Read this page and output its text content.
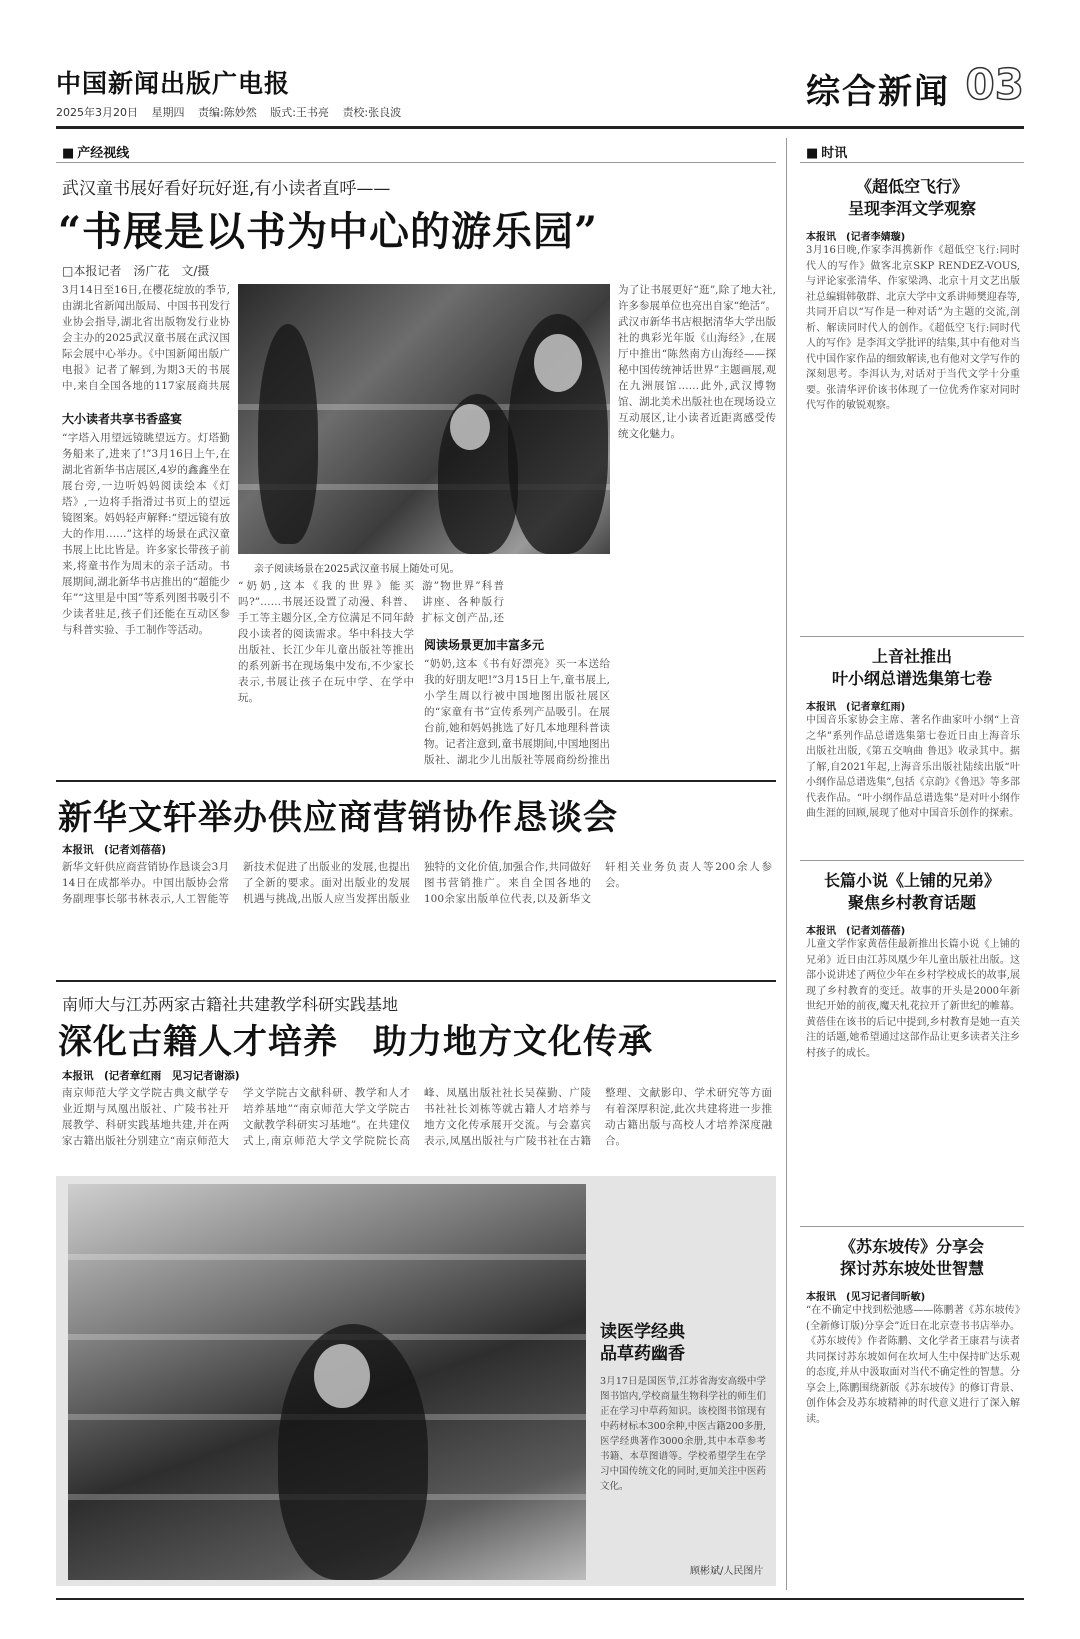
中国新闻出版广电报
2025年3月20日 星期四 责编:陈妙然 版式:王书亮 责校:张良波
综合新闻 03
■ 产经视线
武汉童书展好看好玩好逛,有小读者直呼——
“书展是以书为中心的游乐园”
□本报记者　汤广花　文/摄
3月14日至16日,在樱花绽放的季节,由湖北省新闻出版局、中国书刊发行业协会指导,湖北省出版物发行业协会主办的2025武汉童书展在武汉国际会展中心举办。《中国新闻出版广电报》记者了解到,为期3天的书展中,来自全国各地的117家展商共展
大小读者共享书香盛宴
“字塔入用望远镜眺望远方。灯塔勤务船来了,进来了!”3月16日上午,在湖北省新华书店展区,4岁的鑫鑫坐在展台旁,一边听妈妈阅读绘本《灯塔》,一边将手指滑过书页上的望远镜图案。妈妈轻声解释:“望远镜有放大的作用……”这样的场景在武汉童书展上比比皆是。许多家长带孩子前来,将童书作为周末的亲子活动。书展期间,湖北新华书店推出的“超能少年”“这里是中国”等系列图书吸引不少读者驻足,孩子们还能在互动区参与科普实验、手工制作等活动。
亲子阅读场景在2025武汉童书展上随处可见。
为了让书展更好“逛”,除了地大社,许多参展单位也亮出自家“绝活”。武汉市新华书店根据清华大学出版社的典彩光年版《山海经》,在展厅中推出“陈然南方山海经——探秘中国传统神话世界”主题画展,观在九洲展馆……此外,武汉博物馆、湖北美术出版社也在现场设立互动展区,让小读者近距离感受传统文化魅力。
“奶奶,这本《我的世界》能买吗?”……书展还设置了动漫、科普、手工等主题分区,全方位满足不同年龄段小读者的阅读需求。华中科技大学出版社、长江少年儿童出版社等推出的系列新书在现场集中发布,不少家长表示,书展让孩子在玩中学、在学中玩。
游”物世界”科普讲座、各种版行扩标文创产品,还
阅读场景更加丰富多元
“奶奶,这本《书有好漂亮》买一本送给我的好朋友吧!”3月15日上午,童书展上,小学生周以行被中国地图出版社展区的“家童有书”宣传系列产品吸引。在展台前,她和妈妈挑选了好几本地理科普读物。记者注意到,童书展期间,中国地图出版社、湖北少儿出版社等展商纷纷推出
新华文轩举办供应商营销协作恳谈会
本报讯　(记者刘蓓蓓)
新华文轩供应商营销协作恳谈会3月14日在成都举办。中国出版协会常务副理事长邬书林表示,人工智能等新技术促进了出版业的发展,也提出了全新的要求。面对出版业的发展机遇与挑战,出版人应当发挥出版业独特的文化价值,加强合作,共同做好图书营销推广。来自全国各地的100余家出版单位代表,以及新华文轩相关业务负责人等200余人参会。
南师大与江苏两家古籍社共建教学科研实践基地
深化古籍人才培养　助力地方文化传承
本报讯　(记者章红雨　见习记者谢添)
南京师范大学文学院古典文献学专业近期与凤凰出版社、广陵书社开展教学、科研实践基地共建,并在两家古籍出版社分别建立“南京师范大学文学院古文献科研、教学和人才培养基地”“南京师范大学文学院古文献教学科研实习基地”。在共建仪式上,南京师范大学文学院院长高峰、凤凰出版社社长吴葆勤、广陵书社社长刘栋等就古籍人才培养与地方文化传承展开交流。与会嘉宾表示,凤凰出版社与广陵书社在古籍整理、文献影印、学术研究等方面有着深厚积淀,此次共建将进一步推动古籍出版与高校人才培养深度融合。
读医学经典
品草药幽香
3月17日是国医节,江苏省海安高级中学图书馆内,学校商量生物科学社的师生们正在学习中草药知识。该校图书馆现有中药材标本300余种,中医古籍200多册,医学经典著作3000余册,其中本草参考书籍、本草图谱等。学校希望学生在学习中国传统文化的同时,更加关注中医药文化。
顾彬斌/人民图片
■ 时讯
《超低空飞行》
呈现李洱文学观察
本报讯　(记者李婧璇)
3月16日晚,作家李洱携新作《超低空飞行:同时代人的写作》做客北京SKP RENDEZ-VOUS,与评论家张清华、作家梁鸿、北京十月文艺出版社总编辑韩敬群、北京大学中文系讲师樊迎春等,共同开启以“写作是一种对话”为主题的交流,剖析、解读同时代人的创作。《超低空飞行:同时代人的写作》是李洱文学批评的结集,其中有他对当代中国作家作品的细致解读,也有他对文学写作的深刻思考。李洱认为,对话对于当代文学十分重要。张清华评价该书体现了一位优秀作家对同时代写作的敏锐观察。
上音社推出
叶小纲总谱选集第七卷
本报讯　(记者章红雨)
中国音乐家协会主席、著名作曲家叶小纲“上音之华”系列作品总谱选集第七卷近日由上海音乐出版社出版,《第五交响曲 鲁迅》收录其中。据了解,自2021年起,上海音乐出版社陆续出版“叶小纲作品总谱选集”,包括《京韵》《鲁迅》等多部代表作品。“叶小纲作品总谱选集”是对叶小纲作曲生涯的回顾,展现了他对中国音乐创作的探索。
长篇小说《上铺的兄弟》
聚焦乡村教育话题
本报讯　(记者刘蓓蓓)
儿童文学作家黄蓓佳最新推出长篇小说《上铺的兄弟》近日由江苏凤凰少年儿童出版社出版。这部小说讲述了两位少年在乡村学校成长的故事,展现了乡村教育的变迁。故事的开头是2000年新世纪开始的前夜,魔天札花拉开了新世纪的帷幕。黄蓓佳在该书的后记中提到,乡村教育是她一直关注的话题,她希望通过这部作品让更多读者关注乡村孩子的成长。
《苏东坡传》分享会
探讨苏东坡处世智慧
本报讯　(见习记者闫昕敏)
“在不确定中找到松弛感——陈鹏著《苏东坡传》(全新修订版)分享会”近日在北京壹书书店举办。《苏东坡传》作者陈鹏、文化学者王康君与读者共同探讨苏东坡如何在坎坷人生中保持旷达乐观的态度,并从中汲取面对当代不确定性的智慧。分享会上,陈鹏围绕新版《苏东坡传》的修订背景、创作体会及苏东坡精神的时代意义进行了深入解读。
